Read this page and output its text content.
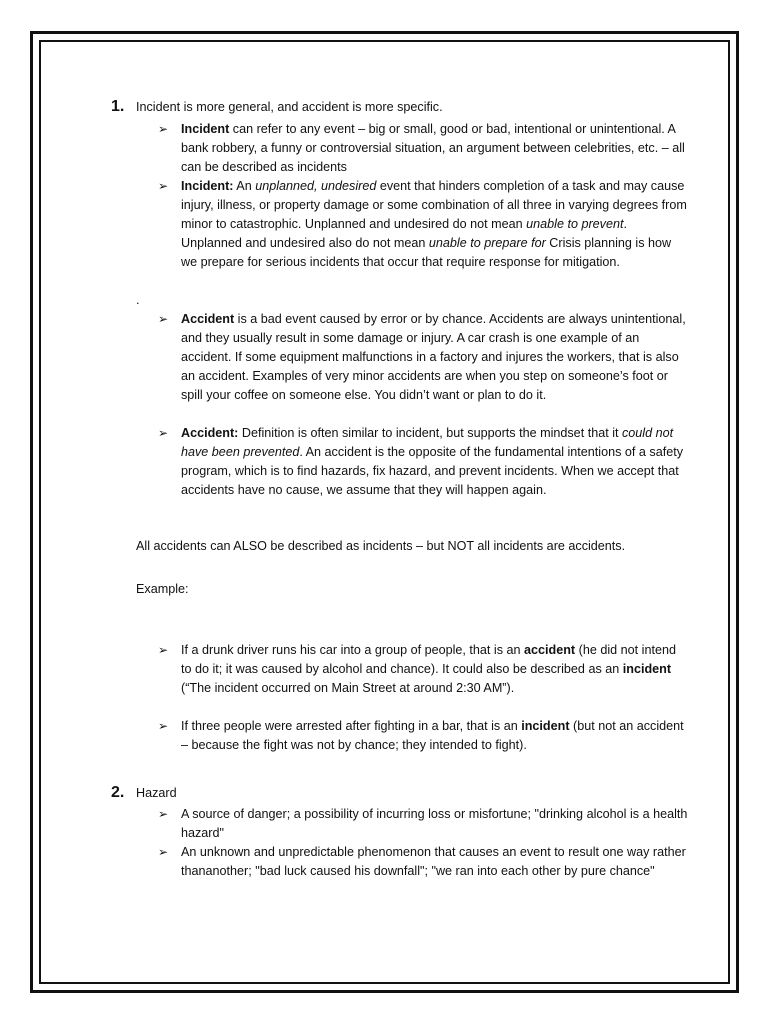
1. Incident is more general, and accident is more specific.
➢ Incident can refer to any event – big or small, good or bad, intentional or unintentional. A bank robbery, a funny or controversial situation, an argument between celebrities, etc. – all can be described as incidents
➢ Incident: An unplanned, undesired event that hinders completion of a task and may cause injury, illness, or property damage or some combination of all three in varying degrees from minor to catastrophic. Unplanned and undesired do not mean unable to prevent. Unplanned and undesired also do not mean unable to prepare for Crisis planning is how we prepare for serious incidents that occur that require response for mitigation.
.
➢ Accident is a bad event caused by error or by chance. Accidents are always unintentional, and they usually result in some damage or injury. A car crash is one example of an accident. If some equipment malfunctions in a factory and injures the workers, that is also an accident. Examples of very minor accidents are when you step on someone’s foot or spill your coffee on someone else. You didn’t want or plan to do it.
➢ Accident: Definition is often similar to incident, but supports the mindset that it could not have been prevented. An accident is the opposite of the fundamental intentions of a safety program, which is to find hazards, fix hazard, and prevent incidents. When we accept that accidents have no cause, we assume that they will happen again.
All accidents can ALSO be described as incidents – but NOT all incidents are accidents.
Example:
➢ If a drunk driver runs his car into a group of people, that is an accident (he did not intend to do it; it was caused by alcohol and chance). It could also be described as an incident (“The incident occurred on Main Street at around 2:30 AM”).
➢ If three people were arrested after fighting in a bar, that is an incident (but not an accident – because the fight was not by chance; they intended to fight).
2. Hazard
➢ A source of danger; a possibility of incurring loss or misfortune; "drinking alcohol is a health hazard"
➢ An unknown and unpredictable phenomenon that causes an event to result one way rather thananother; "bad luck caused his downfall"; "we ran into each other by pure chance"
